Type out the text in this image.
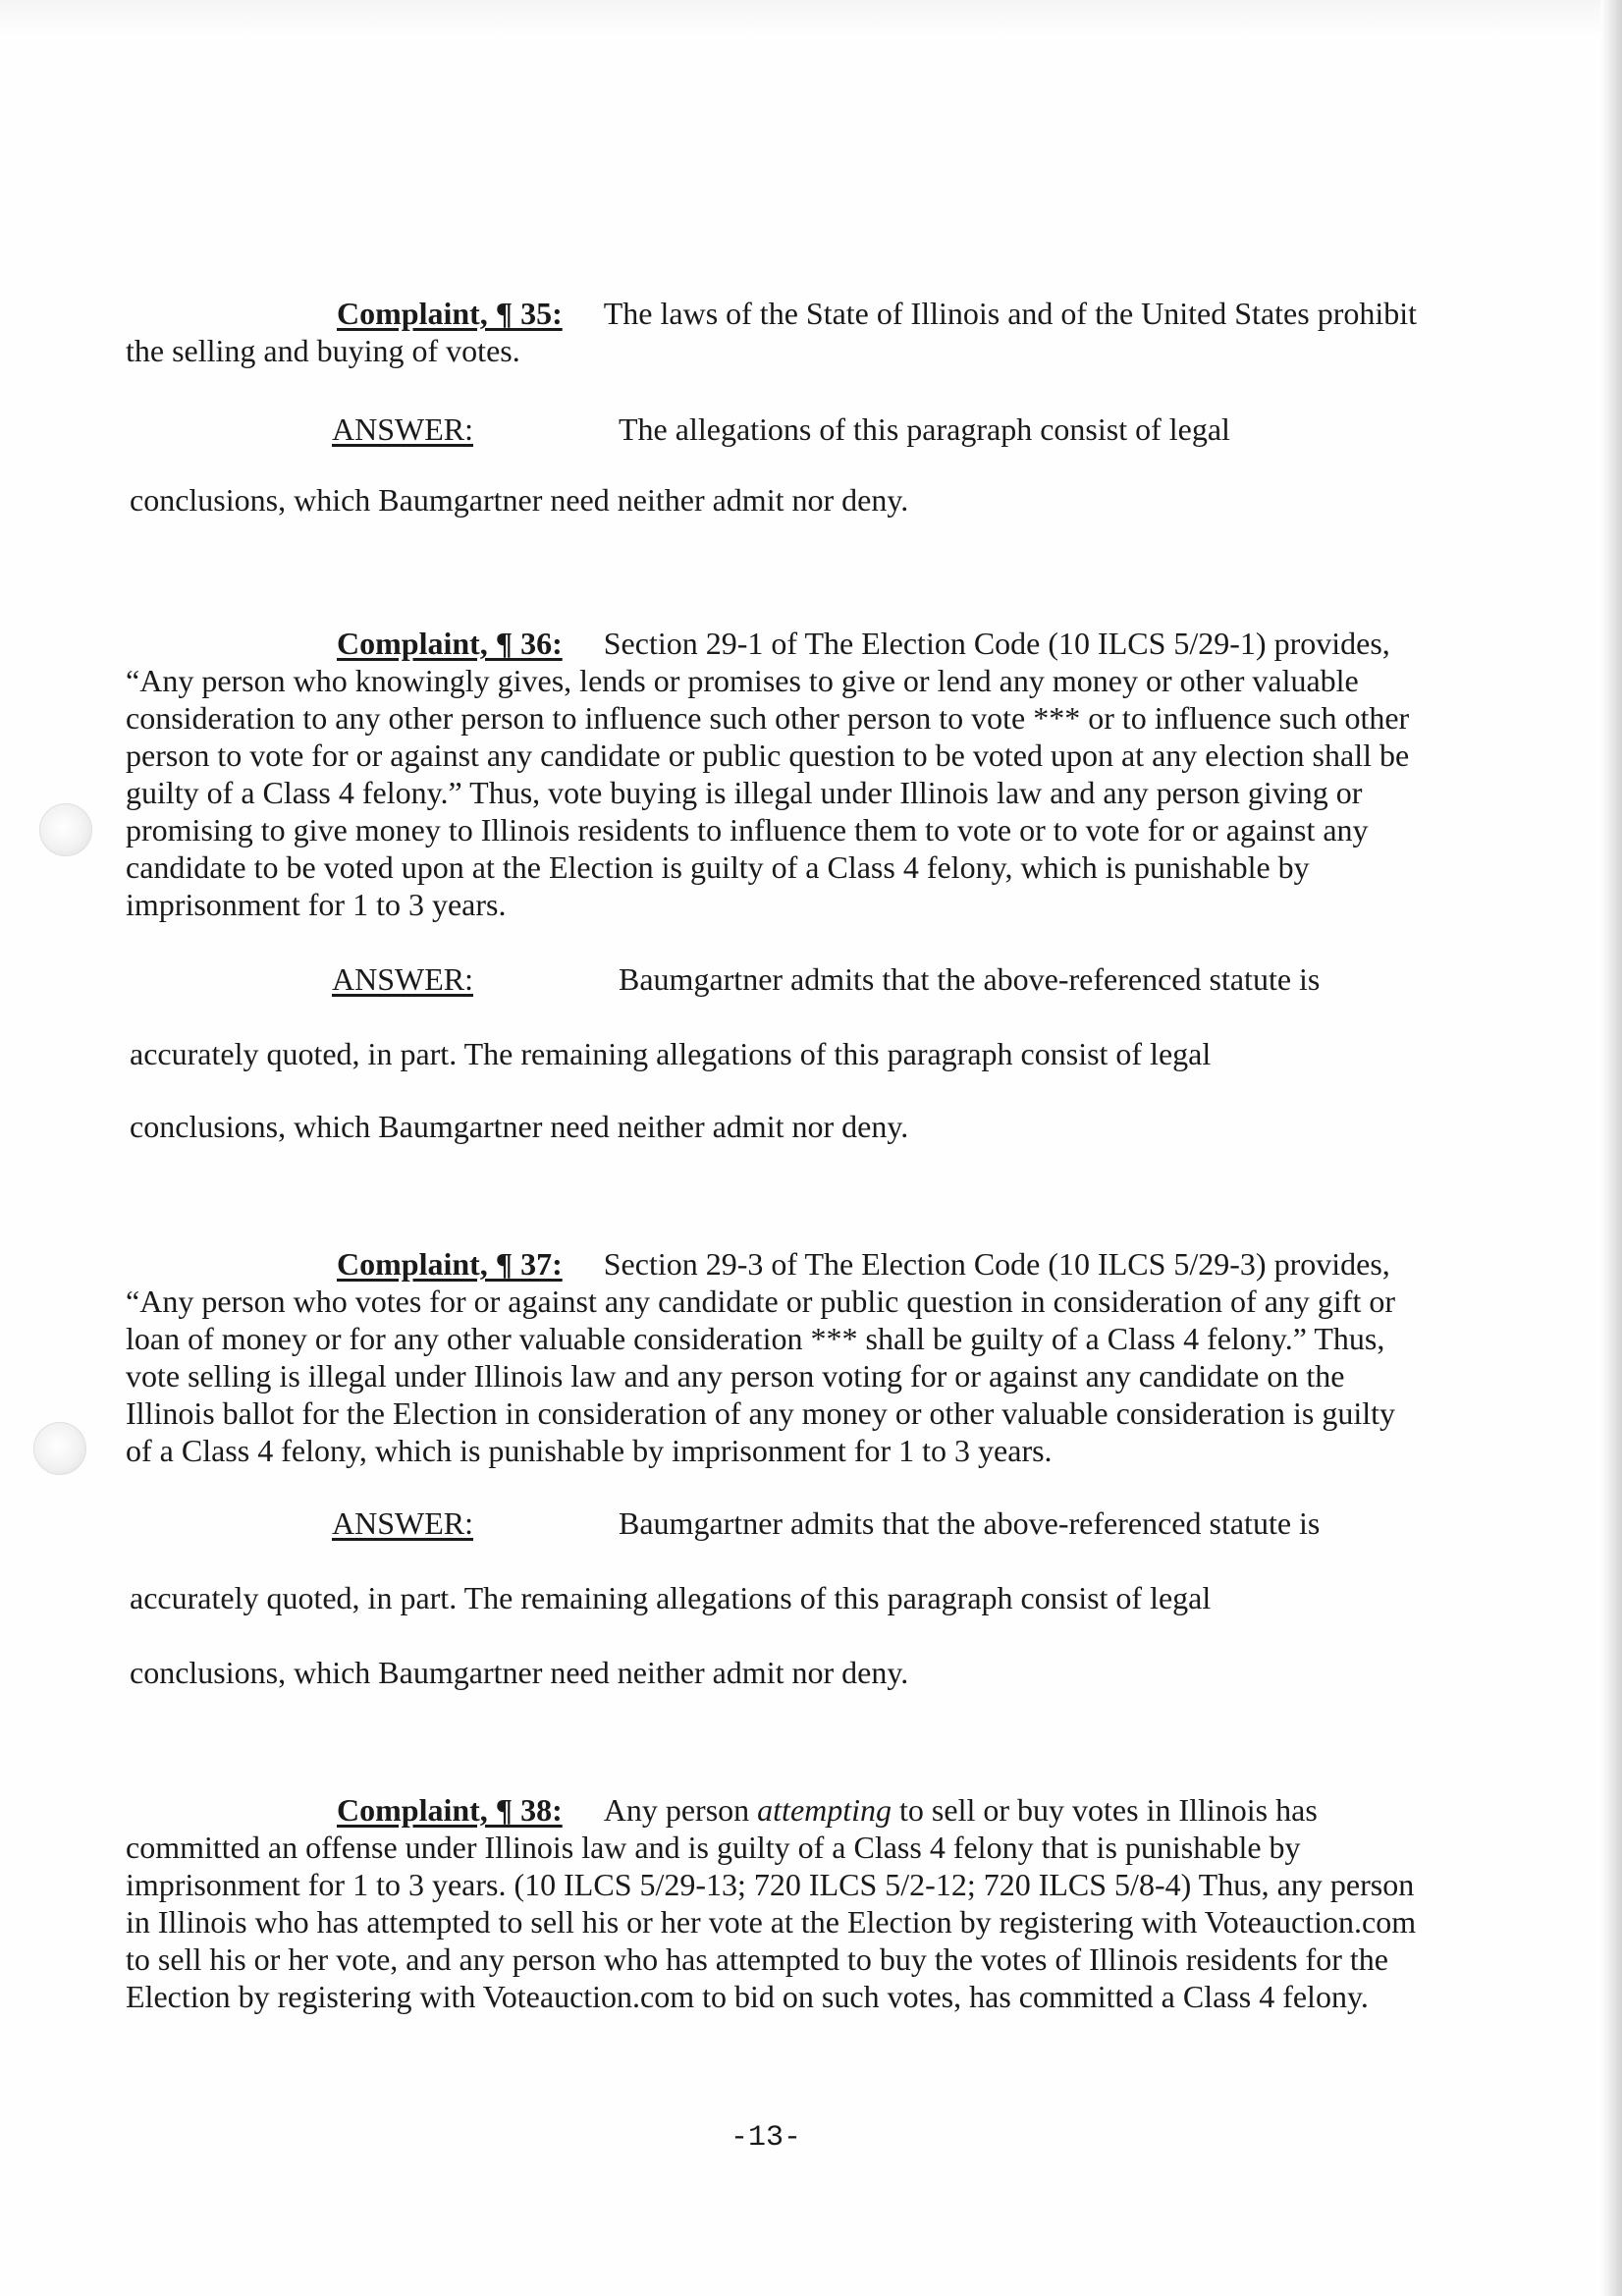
Complaint, ¶ 35: The laws of the State of Illinois and of the United States prohibit the selling and buying of votes.

ANSWER:	The allegations of this paragraph consist of legal
conclusions, which Baumgartner need neither admit nor deny.

Complaint, ¶ 36: Section 29-1 of The Election Code (10 ILCS 5/29-1) provides, “Any person who knowingly gives, lends or promises to give or lend any money or other valuable consideration to any other person to influence such other person to vote *** or to influence such other person to vote for or against any candidate or public question to be voted upon at any election shall be guilty of a Class 4 felony.” Thus, vote buying is illegal under Illinois law and any person giving or promising to give money to Illinois residents to influence them to vote or to vote for or against any candidate to be voted upon at the Election is guilty of a Class 4 felony, which is punishable by imprisonment for 1 to 3 years.

ANSWER:	Baumgartner admits that the above-referenced statute is
accurately quoted, in part. The remaining allegations of this paragraph consist of legal
conclusions, which Baumgartner need neither admit nor deny.

Complaint, ¶ 37: Section 29-3 of The Election Code (10 ILCS 5/29-3) provides, “Any person who votes for or against any candidate or public question in consideration of any gift or loan of money or for any other valuable consideration *** shall be guilty of a Class 4 felony.” Thus, vote selling is illegal under Illinois law and any person voting for or against any candidate on the Illinois ballot for the Election in consideration of any money or other valuable consideration is guilty of a Class 4 felony, which is punishable by imprisonment for 1 to 3 years.

ANSWER:	Baumgartner admits that the above-referenced statute is
accurately quoted, in part. The remaining allegations of this paragraph consist of legal
conclusions, which Baumgartner need neither admit nor deny.

Complaint, ¶ 38: Any person attempting to sell or buy votes in Illinois has committed an offense under Illinois law and is guilty of a Class 4 felony that is punishable by imprisonment for 1 to 3 years. (10 ILCS 5/29-13; 720 ILCS 5/2-12; 720 ILCS 5/8-4) Thus, any person in Illinois who has attempted to sell his or her vote at the Election by registering with Voteauction.com to sell his or her vote, and any person who has attempted to buy the votes of Illinois residents for the Election by registering with Voteauction.com to bid on such votes, has committed a Class 4 felony.

-13-
